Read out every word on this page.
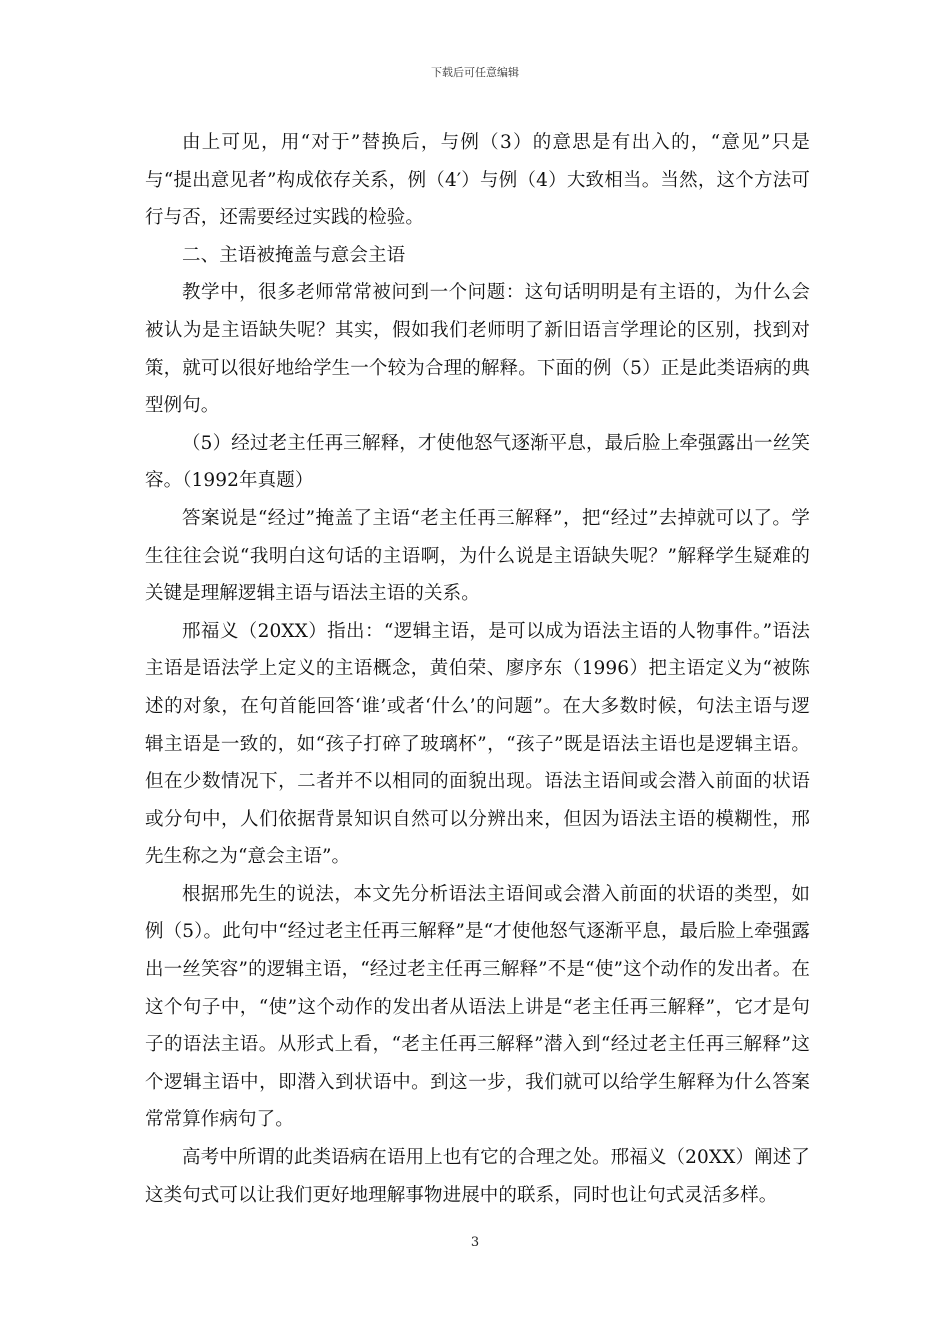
下载后可任意编辑

由上可见，用“对于”替换后，与例（3）的意思是有出入的，“意见”只是与“提出意见者”构成依存关系，例（4′）与例（4）大致相当。当然，这个方法可行与否，还需要经过实践的检验。

二、主语被掩盖与意会主语

教学中，很多老师常常被问到一个问题：这句话明明是有主语的，为什么会被认为是主语缺失呢？其实，假如我们老师明了新旧语言学理论的区别，找到对策，就可以很好地给学生一个较为合理的解释。下面的例（5）正是此类语病的典型例句。

（5）经过老主任再三解释，才使他怒气逐渐平息，最后脸上牵强露出一丝笑容。（1992年真题）

答案说是“经过”掩盖了主语“老主任再三解释”，把“经过”去掉就可以了。学生往往会说“我明白这句话的主语啊，为什么说是主语缺失呢？”解释学生疑难的关键是理解逻辑主语与语法主语的关系。

邢福义（20XX）指出：“逻辑主语，是可以成为语法主语的人物事件。”语法主语是语法学上定义的主语概念，黄伯荣、廖序东（1996）把主语定义为“被陈述的对象，在句首能回答‘谁’或者‘什么’的问题”。在大多数时候，句法主语与逻辑主语是一致的，如“孩子打碎了玻璃杯”，“孩子”既是语法主语也是逻辑主语。但在少数情况下，二者并不以相同的面貌出现。语法主语间或会潜入前面的状语或分句中，人们依据背景知识自然可以分辨出来，但因为语法主语的模糊性，邢先生称之为“意会主语”。

根据邢先生的说法，本文先分析语法主语间或会潜入前面的状语的类型，如例（5）。此句中“经过老主任再三解释”是“才使他怒气逐渐平息，最后脸上牵强露出一丝笑容”的逻辑主语，“经过老主任再三解释”不是“使”这个动作的发出者。在这个句子中，“使”这个动作的发出者从语法上讲是“老主任再三解释”，它才是句子的语法主语。从形式上看，“老主任再三解释”潜入到“经过老主任再三解释”这个逻辑主语中，即潜入到状语中。到这一步，我们就可以给学生解释为什么答案常常算作病句了。

高考中所谓的此类语病在语用上也有它的合理之处。邢福义（20XX）阐述了这类句式可以让我们更好地理解事物进展中的联系，同时也让句式灵活多样。

3
